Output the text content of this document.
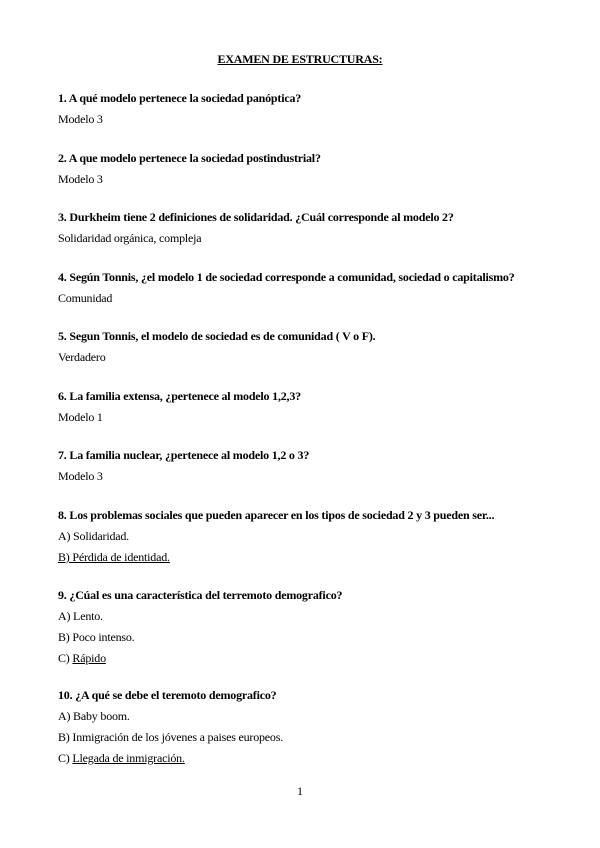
EXAMEN DE ESTRUCTURAS:
1. A qué modelo pertenece la sociedad panóptica?
Modelo 3
2. A que modelo pertenece la sociedad postindustrial?
Modelo 3
3. Durkheim tiene 2 definiciones de solidaridad. ¿Cuál corresponde al modelo 2?
Solidaridad orgánica, compleja
4. Según Tonnis, ¿el modelo 1 de sociedad corresponde a comunidad, sociedad o capitalismo?
Comunidad
5. Segun Tonnis, el modelo de sociedad es de comunidad ( V o F).
Verdadero
6. La familia extensa, ¿pertenece al modelo 1,2,3?
Modelo 1
7. La familia nuclear, ¿pertenece al modelo 1,2 o 3?
Modelo 3
8. Los problemas sociales que pueden aparecer en los tipos de sociedad 2 y 3 pueden ser...
A) Solidaridad.
B) Pérdida de identidad.
9. ¿Cúal es una característica del terremoto demografico?
A) Lento.
B) Poco intenso.
C) Rápido
10. ¿A qué se debe el teremoto demografico?
A) Baby boom.
B) Inmigración de los jóvenes a paises europeos.
C) Llegada de inmigración.
1
